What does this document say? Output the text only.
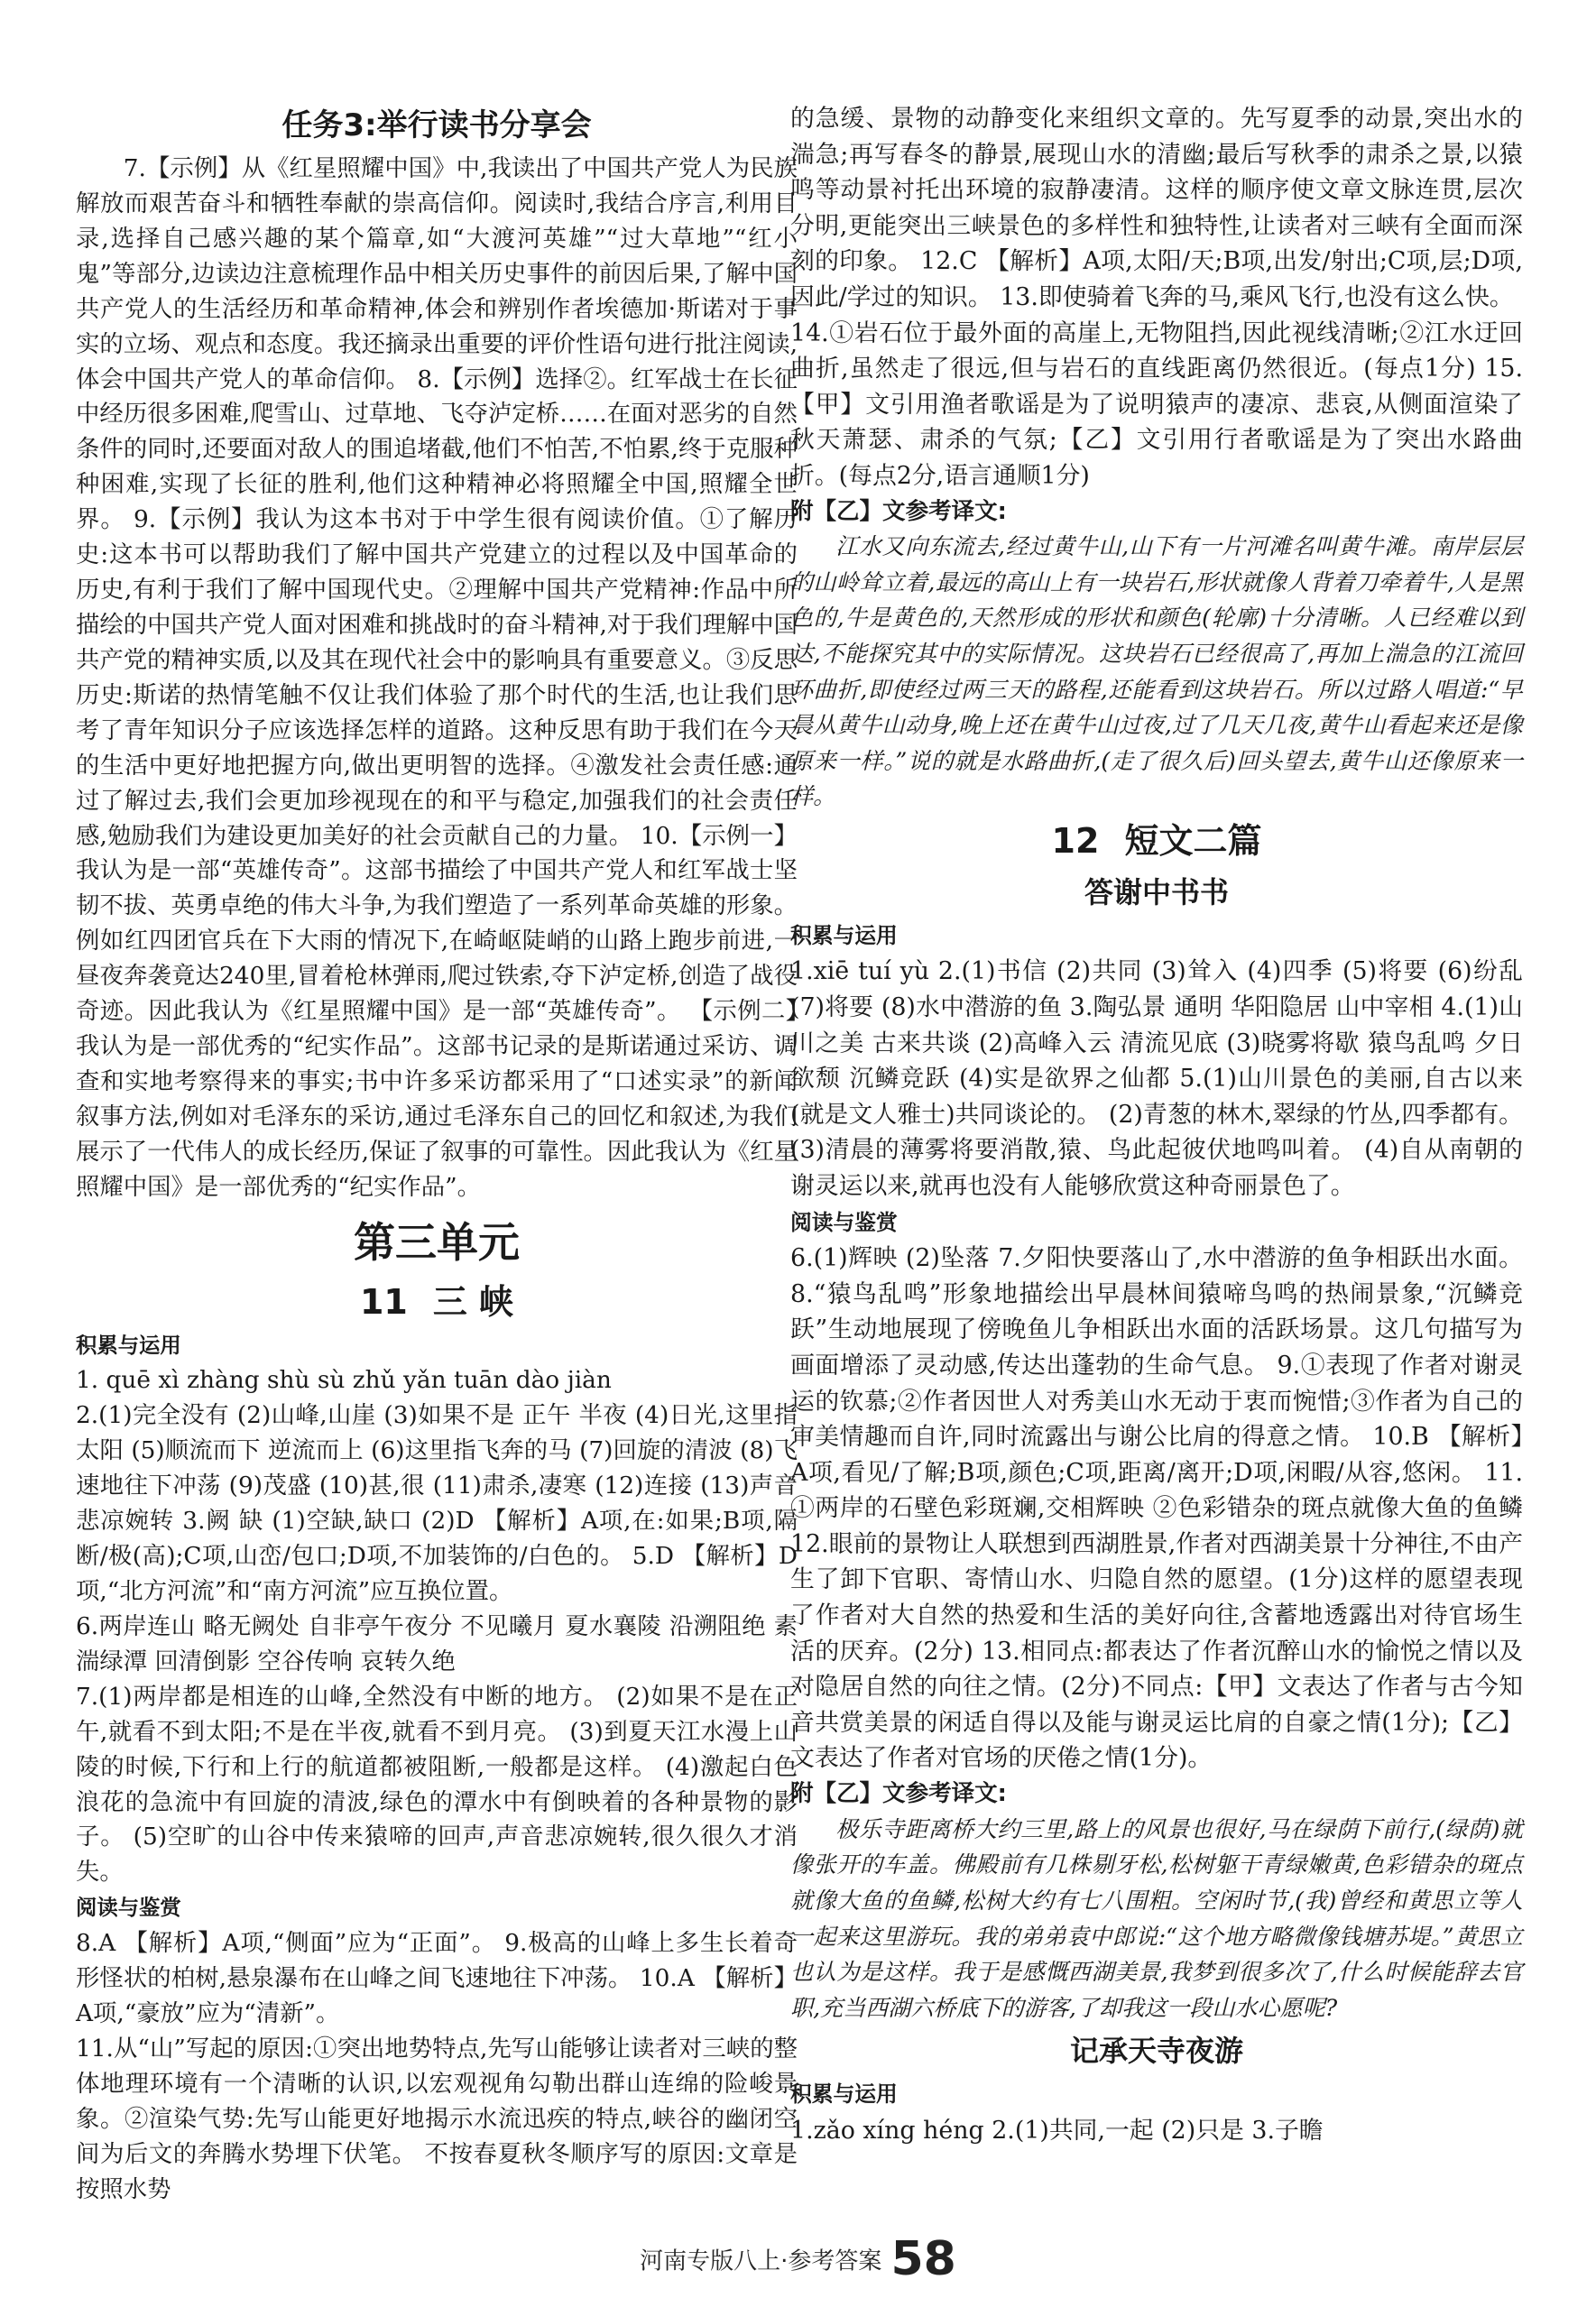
任务3:举行读书分享会

7.【示例】从《红星照耀中国》中,我读出了中国共产党人为民族解放而艰苦奋斗和牺牲奉献的崇高信仰。阅读时,我结合序言,利用目录,选择自己感兴趣的某个篇章,如“大渡河英雄”“过大草地”“红小鬼”等部分,边读边注意梳理作品中相关历史事件的前因后果,了解中国共产党人的生活经历和革命精神,体会和辨别作者埃德加·斯诺对于事实的立场、观点和态度。我还摘录出重要的评价性语句进行批注阅读,体会中国共产党人的革命信仰。 8.【示例】选择②。红军战士在长征中经历很多困难,爬雪山、过草地、飞夺泸定桥……在面对恶劣的自然条件的同时,还要面对敌人的围追堵截,他们不怕苦,不怕累,终于克服种种困难,实现了长征的胜利,他们这种精神必将照耀全中国,照耀全世界。 9.【示例】我认为这本书对于中学生很有阅读价值。①了解历史:这本书可以帮助我们了解中国共产党建立的过程以及中国革命的历史,有利于我们了解中国现代史。②理解中国共产党精神:作品中所描绘的中国共产党人面对困难和挑战时的奋斗精神,对于我们理解中国共产党的精神实质,以及其在现代社会中的影响具有重要意义。③反思历史:斯诺的热情笔触不仅让我们体验了那个时代的生活,也让我们思考了青年知识分子应该选择怎样的道路。这种反思有助于我们在今天的生活中更好地把握方向,做出更明智的选择。④激发社会责任感:通过了解过去,我们会更加珍视现在的和平与稳定,加强我们的社会责任感,勉励我们为建设更加美好的社会贡献自己的力量。 10.【示例一】我认为是一部“英雄传奇”。这部书描绘了中国共产党人和红军战士坚韧不拔、英勇卓绝的伟大斗争,为我们塑造了一系列革命英雄的形象。例如红四团官兵在下大雨的情况下,在崎岖陡峭的山路上跑步前进,一昼夜奔袭竟达240里,冒着枪林弹雨,爬过铁索,夺下泸定桥,创造了战役奇迹。因此我认为《红星照耀中国》是一部“英雄传奇”。 【示例二】我认为是一部优秀的“纪实作品”。这部书记录的是斯诺通过采访、调查和实地考察得来的事实;书中许多采访都采用了“口述实录”的新闻叙事方法,例如对毛泽东的采访,通过毛泽东自己的回忆和叙述,为我们展示了一代伟人的成长经历,保证了叙事的可靠性。因此我认为《红星照耀中国》是一部优秀的“纪实作品”。

第三单元
11 三 峡
积累与运用

1. quē xì zhàng shù sù zhǔ yǎn tuān dào jiàn

2.(1)完全没有 (2)山峰,山崖 (3)如果不是 正午 半夜 (4)日光,这里指太阳 (5)顺流而下 逆流而上 (6)这里指飞奔的马 (7)回旋的清波 (8)飞速地往下冲荡 (9)茂盛 (10)甚,很 (11)肃杀,凄寒 (12)连接 (13)声音悲凉婉转 3.阙 缺 (1)空缺,缺口 (2)D 【解析】A项,在:如果;B项,隔断/极(高);C项,山峦/包口;D项,不加装饰的/白色的。 5.D 【解析】D项,“北方河流”和“南方河流”应互换位置。

6.两岸连山 略无阙处 自非亭午夜分 不见曦月 夏水襄陵 沿溯阻绝 素湍绿潭 回清倒影 空谷传响 哀转久绝

7.(1)两岸都是相连的山峰,全然没有中断的地方。 (2)如果不是在正午,就看不到太阳;不是在半夜,就看不到月亮。 (3)到夏天江水漫上山陵的时候,下行和上行的航道都被阻断,一般都是这样。 (4)激起白色浪花的急流中有回旋的清波,绿色的潭水中有倒映着的各种景物的影子。 (5)空旷的山谷中传来猿啼的回声,声音悲凉婉转,很久很久才消失。

阅读与鉴赏

8.A 【解析】A项,“侧面”应为“正面”。 9.极高的山峰上多生长着奇形怪状的柏树,悬泉瀑布在山峰之间飞速地往下冲荡。 10.A 【解析】A项,“豪放”应为“清新”。

11.从“山”写起的原因:①突出地势特点,先写山能够让读者对三峡的整体地理环境有一个清晰的认识,以宏观视角勾勒出群山连绵的险峻景象。②渲染气势:先写山能更好地揭示水流迅疾的特点,峡谷的幽闭空间为后文的奔腾水势埋下伏笔。 不按春夏秋冬顺序写的原因:文章是按照水势

的急缓、景物的动静变化来组织文章的。先写夏季的动景,突出水的湍急;再写春冬的静景,展现山水的清幽;最后写秋季的肃杀之景,以猿鸣等动景衬托出环境的寂静凄清。这样的顺序使文章文脉连贯,层次分明,更能突出三峡景色的多样性和独特性,让读者对三峡有全面而深刻的印象。 12.C 【解析】A项,太阳/天;B项,出发/射出;C项,层;D项,因此/学过的知识。 13.即使骑着飞奔的马,乘风飞行,也没有这么快。

14.①岩石位于最外面的高崖上,无物阻挡,因此视线清晰;②江水迂回曲折,虽然走了很远,但与岩石的直线距离仍然很近。(每点1分) 15.【甲】文引用渔者歌谣是为了说明猿声的凄凉、悲哀,从侧面渲染了秋天萧瑟、肃杀的气氛;【乙】文引用行者歌谣是为了突出水路曲折。(每点2分,语言通顺1分)

附【乙】文参考译文:
江水又向东流去,经过黄牛山,山下有一片河滩名叫黄牛滩。南岸层层的山岭耸立着,最远的高山上有一块岩石,形状就像人背着刀牵着牛,人是黑色的,牛是黄色的,天然形成的形状和颜色(轮廓)十分清晰。人已经难以到达,不能探究其中的实际情况。这块岩石已经很高了,再加上湍急的江流回环曲折,即使经过两三天的路程,还能看到这块岩石。所以过路人唱道:“早晨从黄牛山动身,晚上还在黄牛山过夜,过了几天几夜,黄牛山看起来还是像原来一样。”说的就是水路曲折,(走了很久后)回头望去,黄牛山还像原来一样。
12 短文二篇
答谢中书书
积累与运用

1.xiē tuí yù 2.(1)书信 (2)共同 (3)耸入 (4)四季 (5)将要 (6)纷乱 (7)将要 (8)水中潜游的鱼 3.陶弘景 通明 华阳隐居 山中宰相 4.(1)山川之美 古来共谈 (2)高峰入云 清流见底 (3)晓雾将歇 猿鸟乱鸣 夕日欲颓 沉鳞竞跃 (4)实是欲界之仙都 5.(1)山川景色的美丽,自古以来(就是文人雅士)共同谈论的。 (2)青葱的林木,翠绿的竹丛,四季都有。 (3)清晨的薄雾将要消散,猿、鸟此起彼伏地鸣叫着。 (4)自从南朝的谢灵运以来,就再也没有人能够欣赏这种奇丽景色了。

阅读与鉴赏

6.(1)辉映 (2)坠落 7.夕阳快要落山了,水中潜游的鱼争相跃出水面。 8.“猿鸟乱鸣”形象地描绘出早晨林间猿啼鸟鸣的热闹景象,“沉鳞竞跃”生动地展现了傍晚鱼儿争相跃出水面的活跃场景。这几句描写为画面增添了灵动感,传达出蓬勃的生命气息。 9.①表现了作者对谢灵运的钦慕;②作者因世人对秀美山水无动于衷而惋惜;③作者为自己的审美情趣而自许,同时流露出与谢公比肩的得意之情。 10.B 【解析】A项,看见/了解;B项,颜色;C项,距离/离开;D项,闲暇/从容,悠闲。 11.①两岸的石壁色彩斑斓,交相辉映 ②色彩错杂的斑点就像大鱼的鱼鳞 12.眼前的景物让人联想到西湖胜景,作者对西湖美景十分神往,不由产生了卸下官职、寄情山水、归隐自然的愿望。(1分)这样的愿望表现了作者对大自然的热爱和生活的美好向往,含蓄地透露出对待官场生活的厌弃。(2分) 13.相同点:都表达了作者沉醉山水的愉悦之情以及对隐居自然的向往之情。(2分)不同点:【甲】文表达了作者与古今知音共赏美景的闲适自得以及能与谢灵运比肩的自豪之情(1分);【乙】文表达了作者对官场的厌倦之情(1分)。

附【乙】文参考译文:
极乐寺距离桥大约三里,路上的风景也很好,马在绿荫下前行,(绿荫)就像张开的车盖。佛殿前有几株剔牙松,松树躯干青绿嫩黄,色彩错杂的斑点就像大鱼的鱼鳞,松树大约有七八围粗。空闲时节,(我)曾经和黄思立等人一起来这里游玩。我的弟弟袁中郎说:“这个地方略微像钱塘苏堤。”黄思立也认为是这样。我于是感慨西湖美景,我梦到很多次了,什么时候能辞去官职,充当西湖六桥底下的游客,了却我这一段山水心愿呢?
记承天寺夜游
积累与运用

1.zǎo xíng héng 2.(1)共同,一起 (2)只是 3.子瞻

河南专版八上·参考答案 58
